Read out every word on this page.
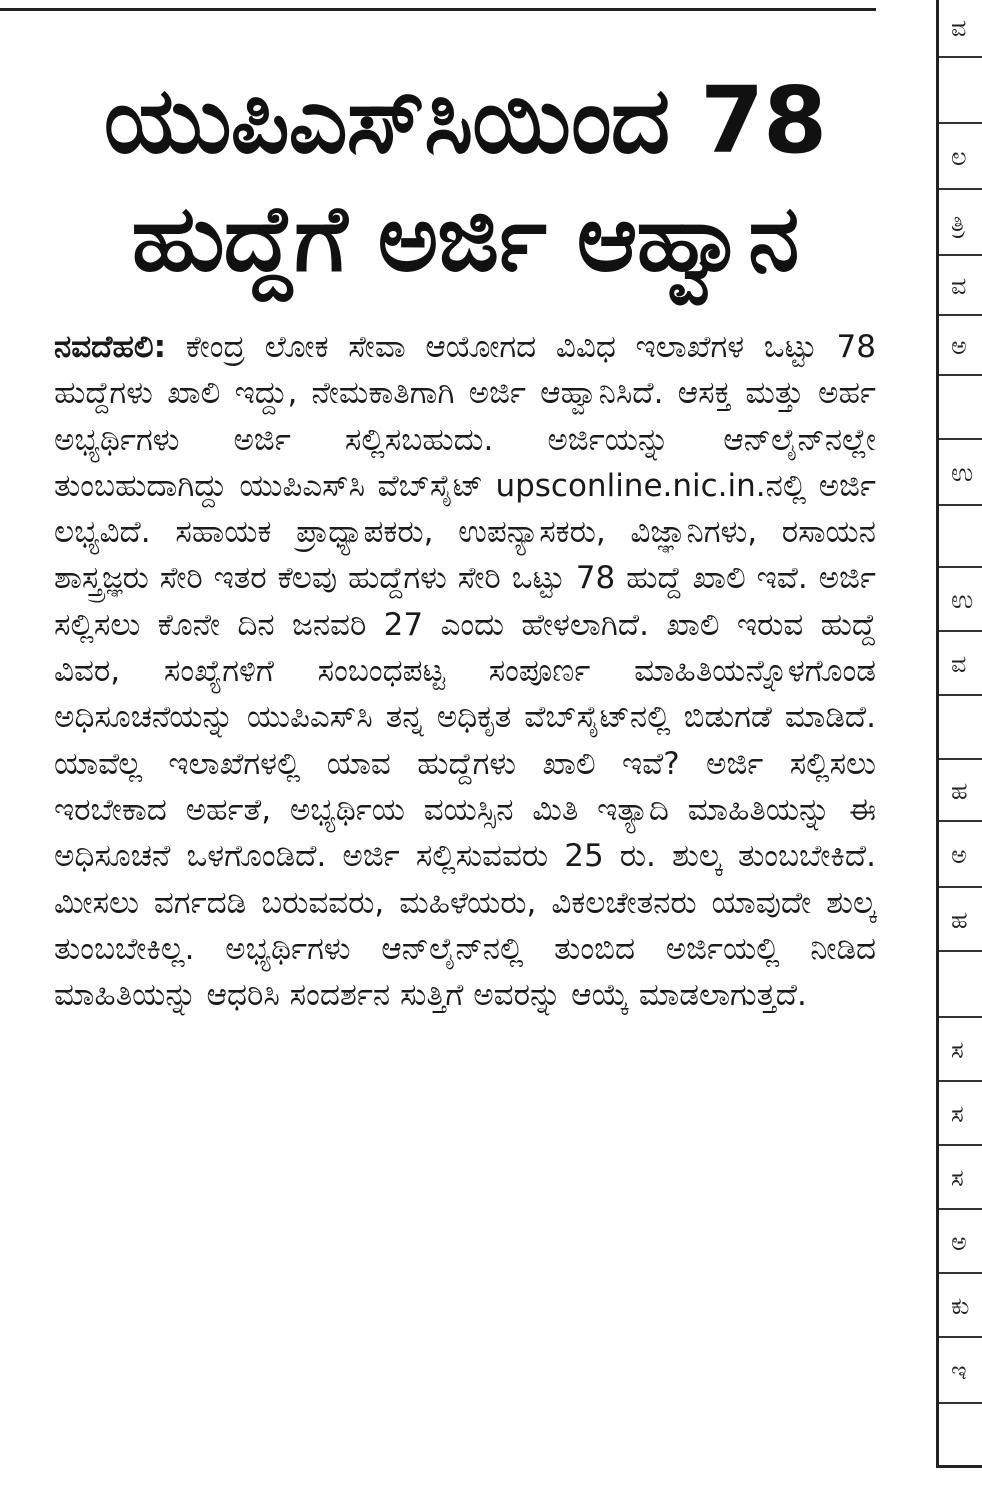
ಯುಪಿಎಸ್‌ಸಿಯಿಂದ 78
ಹುದ್ದೆಗೆ ಅರ್ಜಿ ಆಹ್ವಾನ
ನವದೆಹಲಿ: ಕೇಂದ್ರ ಲೋಕ ಸೇವಾ ಆಯೋಗದ ವಿವಿಧ ಇಲಾಖೆಗಳ ಒಟ್ಟು 78 ಹುದ್ದೆಗಳು ಖಾಲಿ ಇದ್ದು, ನೇಮಕಾತಿಗಾಗಿ ಅರ್ಜಿ ಆಹ್ವಾನಿಸಿದೆ. ಆಸಕ್ತ ಮತ್ತು ಅರ್ಹ ಅಭ್ಯರ್ಥಿಗಳು ಅರ್ಜಿ ಸಲ್ಲಿಸಬಹುದು. ಅರ್ಜಿಯನ್ನು ಆನ್‌ಲೈನ್‌ನಲ್ಲೇ ತುಂಬಹುದಾಗಿದ್ದು ಯುಪಿಎಸ್‌ಸಿ ವೆಬ್‌ಸೈಟ್ upsconline.nic.in.ನಲ್ಲಿ ಅರ್ಜಿ ಲಭ್ಯವಿದೆ. ಸಹಾಯಕ ಪ್ರಾಧ್ಯಾಪಕರು, ಉಪನ್ಯಾಸಕರು, ವಿಜ್ಞಾನಿಗಳು, ರಸಾಯನ ಶಾಸ್ತ್ರಜ್ಞರು ಸೇರಿ ಇತರ ಕೆಲವು ಹುದ್ದೆಗಳು ಸೇರಿ ಒಟ್ಟು 78 ಹುದ್ದೆ ಖಾಲಿ ಇವೆ. ಅರ್ಜಿ ಸಲ್ಲಿಸಲು ಕೊನೇ ದಿನ ಜನವರಿ 27 ಎಂದು ಹೇಳಲಾಗಿದೆ. ಖಾಲಿ ಇರುವ ಹುದ್ದೆ ವಿವರ, ಸಂಖ್ಯೆಗಳಿಗೆ ಸಂಬಂಧಪಟ್ಟ ಸಂಪೂರ್ಣ ಮಾಹಿತಿಯನ್ನೊಳಗೊಂಡ ಅಧಿಸೂಚನೆಯನ್ನು ಯುಪಿಎಸ್‌ಸಿ ತನ್ನ ಅಧಿಕೃತ ವೆಬ್‌ಸೈಟ್‌ನಲ್ಲಿ ಬಿಡುಗಡೆ ಮಾಡಿದೆ. ಯಾವೆಲ್ಲ ಇಲಾಖೆಗಳಲ್ಲಿ ಯಾವ ಹುದ್ದೆಗಳು ಖಾಲಿ ಇವೆ? ಅರ್ಜಿ ಸಲ್ಲಿಸಲು ಇರಬೇಕಾದ ಅರ್ಹತೆ, ಅಭ್ಯರ್ಥಿಯ ವಯಸ್ಸಿನ ಮಿತಿ ಇತ್ಯಾದಿ ಮಾಹಿತಿಯನ್ನು ಈ ಅಧಿಸೂಚನೆ ಒಳಗೊಂಡಿದೆ. ಅರ್ಜಿ ಸಲ್ಲಿಸುವವರು 25 ರು. ಶುಲ್ಕ ತುಂಬಬೇಕಿದೆ. ಮೀಸಲು ವರ್ಗದಡಿ ಬರುವವರು, ಮಹಿಳೆಯರು, ವಿಕಲಚೇತನರು ಯಾವುದೇ ಶುಲ್ಕ ತುಂಬಬೇಕಿಲ್ಲ. ಅಭ್ಯರ್ಥಿಗಳು ಆನ್‌ಲೈನ್‌ನಲ್ಲಿ ತುಂಬಿದ ಅರ್ಜಿಯಲ್ಲಿ ನೀಡಿದ ಮಾಹಿತಿಯನ್ನು ಆಧರಿಸಿ ಸಂದರ್ಶನ ಸುತ್ತಿಗೆ ಅವರನ್ನು ಆಯ್ಕೆ ಮಾಡಲಾಗುತ್ತದೆ.
ವ
ಲ
ತ್ರಿ
ವ
ಅ
ಉ
ಉ
ವ
ಹ
ಅ
ಹ
ಸ
ಸ
ಸ
ಅ
ಕು
ಇ
